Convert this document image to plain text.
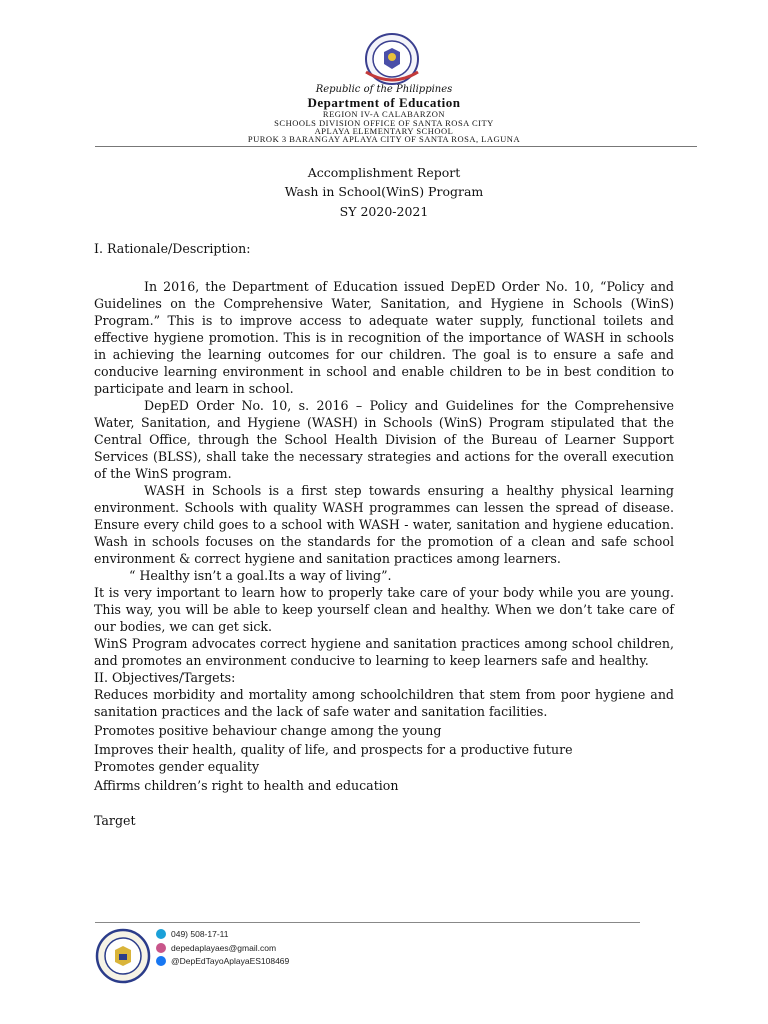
Republic of the Philippines
Department of Education
REGION IV-A CALABARZON
SCHOOLS DIVISION OFFICE OF SANTA ROSA CITY
APLAYA ELEMENTARY SCHOOL
PUROK 3 BARANGAY APLAYA CITY OF SANTA ROSA, LAGUNA
Accomplishment Report
Wash in School(WinS) Program
SY 2020-2021

I. Rationale/Description:

In 2016, the Department of Education issued DepED Order No. 10, “Policy and Guidelines on the Comprehensive Water, Sanitation, and Hygiene in Schools (WinS) Program.” This is to improve access to adequate water supply, functional toilets and effective hygiene promotion. This is in recognition of the importance of WASH in schools in achieving the learning outcomes for our children. The goal is to ensure a safe and conducive learning environment in school and enable children to be in best condition to participate and learn in school.

DepED Order No. 10, s. 2016 – Policy and Guidelines for the Comprehensive Water, Sanitation, and Hygiene (WASH) in Schools (WinS) Program stipulated that the Central Office, through the School Health Division of the Bureau of Learner Support Services (BLSS), shall take the necessary strategies and actions for the overall execution of the WinS program.

WASH in Schools is a first step towards ensuring a healthy physical learning environment. Schools with quality WASH programmes can lessen the spread of disease. Ensure every child goes to a school with WASH - water, sanitation and hygiene education. Wash in schools focuses on the standards for the promotion of a clean and safe school environment & correct hygiene and sanitation practices among learners.

“ Healthy isn’t a goal.Its a way of living”.

It is very important to learn how to properly take care of your body while you are young. This way, you will be able to keep yourself clean and healthy. When we don’t take care of our bodies, we can get sick.

WinS Program advocates correct hygiene and sanitation practices among school children, and promotes an environment conducive to learning to keep learners safe and healthy.

II. Objectives/Targets:

Reduces morbidity and mortality among schoolchildren that stem from poor hygiene and sanitation practices and the lack of safe water and sanitation facilities.

Promotes positive behaviour change among the young

Improves their health, quality of life, and prospects for a productive future

Promotes gender equality

Affirms children’s right to health and education

Target

049) 508-17-11
depedaplayaes@gmail.com
@DepEdTayoAplayaES108469
